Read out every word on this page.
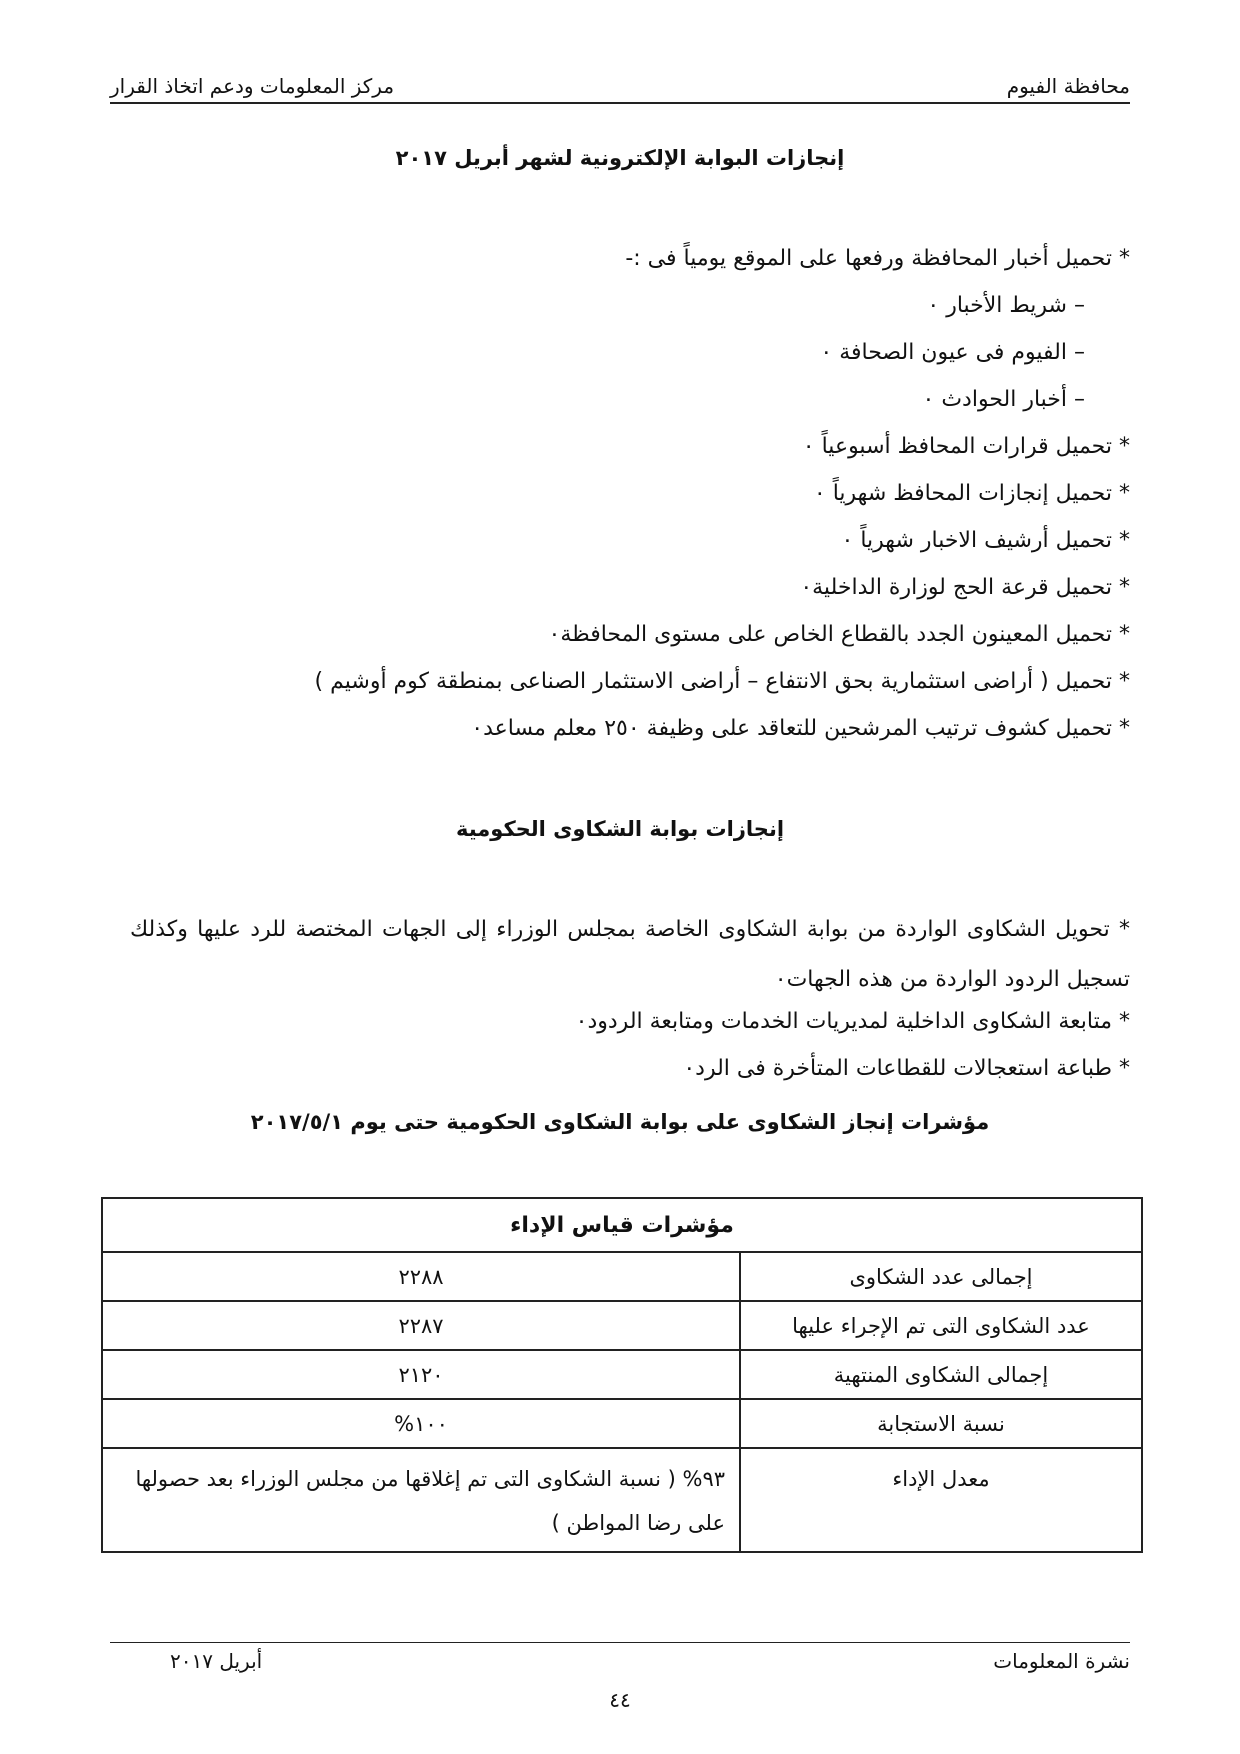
محافظة الفيوم
مركز المعلومات ودعم اتخاذ القرار
إنجازات البوابة الإلكترونية لشهر أبريل ٢٠١٧
* تحميل أخبار المحافظة ورفعها على الموقع يومياً فى :-
– شريط الأخبار ٠
– الفيوم فى عيون الصحافة ٠
– أخبار الحوادث ٠
* تحميل قرارات المحافظ أسبوعياً ٠
* تحميل إنجازات المحافظ شهرياً ٠
* تحميل أرشيف الاخبار شهرياً ٠
* تحميل قرعة الحج لوزارة الداخلية٠
* تحميل المعينون الجدد بالقطاع الخاص على مستوى المحافظة٠
* تحميل ( أراضى استثمارية بحق الانتفاع – أراضى الاستثمار الصناعى بمنطقة كوم أوشيم )
* تحميل كشوف ترتيب المرشحين للتعاقد على وظيفة ٢٥٠ معلم مساعد٠
إنجازات بوابة الشكاوى الحكومية
* تحويل الشكاوى الواردة من بوابة الشكاوى الخاصة بمجلس الوزراء إلى الجهات المختصة للرد عليها وكذلك تسجيل الردود الواردة من هذه الجهات٠
* متابعة الشكاوى الداخلية لمديريات الخدمات ومتابعة الردود٠
* طباعة استعجالات للقطاعات المتأخرة فى الرد٠
مؤشرات إنجاز الشكاوى على بوابة الشكاوى الحكومية حتى يوم ٢٠١٧/٥/١
مؤشرات قياس الإداء	
إجمالى عدد الشكاوى	٢٢٨٨
عدد الشكاوى التى تم الإجراء عليها	٢٢٨٧
إجمالى الشكاوى المنتهية	٢١٢٠
نسبة الاستجابة	١٠٠%
معدل الإداء	٩٣% ( نسبة الشكاوى التى تم إغلاقها من مجلس الوزراء بعد حصولها على رضا المواطن )
نشرة المعلومات
أبريل ٢٠١٧
٤٤
